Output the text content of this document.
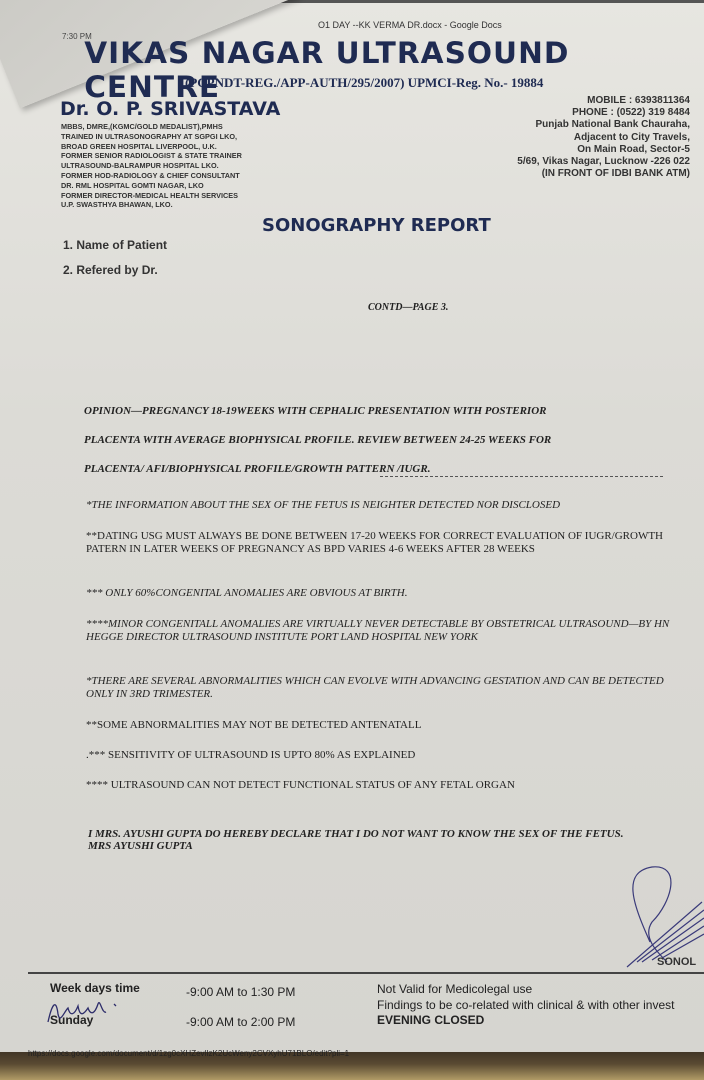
7:30 PM
O1 DAY --KK VERMA DR.docx - Google Docs
VIKAS NAGAR ULTRASOUND CENTRE
(PCPNDT-REG./APP-AUTH/295/2007) UPMCI-Reg. No.- 19884
Dr. O. P. SRIVASTAVA
MBBS, DMRE,(KGMC/GOLD MEDALIST),PMHS
TRAINED IN ULTRASONOGRAPHY AT SGPGI LKO,
BROAD GREEN HOSPITAL LIVERPOOL, U.K.
FORMER SENIOR RADIOLOGIST & STATE TRAINER
ULTRASOUND-BALRAMPUR HOSPITAL LKO.
FORMER HOD-RADIOLOGY & CHIEF CONSULTANT
DR. RML HOSPITAL GOMTI NAGAR, LKO
FORMER DIRECTOR-MEDICAL HEALTH SERVICES
U.P. SWASTHYA BHAWAN, LKO.
MOBILE : 6393811364
PHONE : (0522) 319 8484
Punjab National Bank Chauraha,
Adjacent to City Travels,
On Main Road, Sector-5
5/69, Vikas Nagar, Lucknow -226 022
(IN FRONT OF IDBI BANK ATM)
SONOGRAPHY REPORT
1. Name of Patient
2. Refered by Dr.
CONTD—PAGE 3.
OPINION—PREGNANCY 18-19WEEKS WITH CEPHALIC PRESENTATION WITH POSTERIOR
PLACENTA WITH AVERAGE BIOPHYSICAL PROFILE. REVIEW BETWEEN 24-25 WEEKS FOR
PLACENTA/ AFI/BIOPHYSICAL PROFILE/GROWTH PATTERN /IUGR.
*THE INFORMATION ABOUT THE SEX OF THE FETUS IS NEIGHTER DETECTED NOR DISCLOSED
**DATING USG MUST ALWAYS BE DONE BETWEEN 17-20 WEEKS FOR CORRECT EVALUATION OF IUGR/GROWTH PATERN IN LATER WEEKS OF PREGNANCY AS BPD VARIES 4-6 WEEKS AFTER 28 WEEKS
*** ONLY 60%CONGENITAL ANOMALIES ARE OBVIOUS AT BIRTH.
****MINOR CONGENITALL ANOMALIES ARE VIRTUALLY NEVER DETECTABLE BY OBSTETRICAL ULTRASOUND—BY HN HEGGE DIRECTOR ULTRASOUND INSTITUTE PORT LAND HOSPITAL NEW YORK
*THERE ARE SEVERAL ABNORMALITIES WHICH CAN EVOLVE WITH ADVANCING GESTATION AND CAN BE DETECTED ONLY IN 3RD TRIMESTER.
**SOME ABNORMALITIES MAY NOT BE DETECTED ANTENATALL
.*** SENSITIVITY OF ULTRASOUND IS UPTO 80% AS EXPLAINED
**** ULTRASOUND CAN NOT DETECT FUNCTIONAL STATUS OF ANY FETAL ORGAN
I MRS. AYUSHI GUPTA DO HEREBY DECLARE THAT I DO NOT WANT TO KNOW THE SEX OF THE FETUS.
MRS AYUSHI GUPTA
SONOL
Week days time	-9:00 AM to 1:30 PM
Sunday	-9:00 AM to 2:00 PM
Not Valid for Medicolegal use
Findings to be co-related with clinical & with other invest
EVENING CLOSED
https://docs.google.com/document/d/1zg0cXHZevlIzK2UcWeny2CVXyhU71BLO/edit?pli=1
